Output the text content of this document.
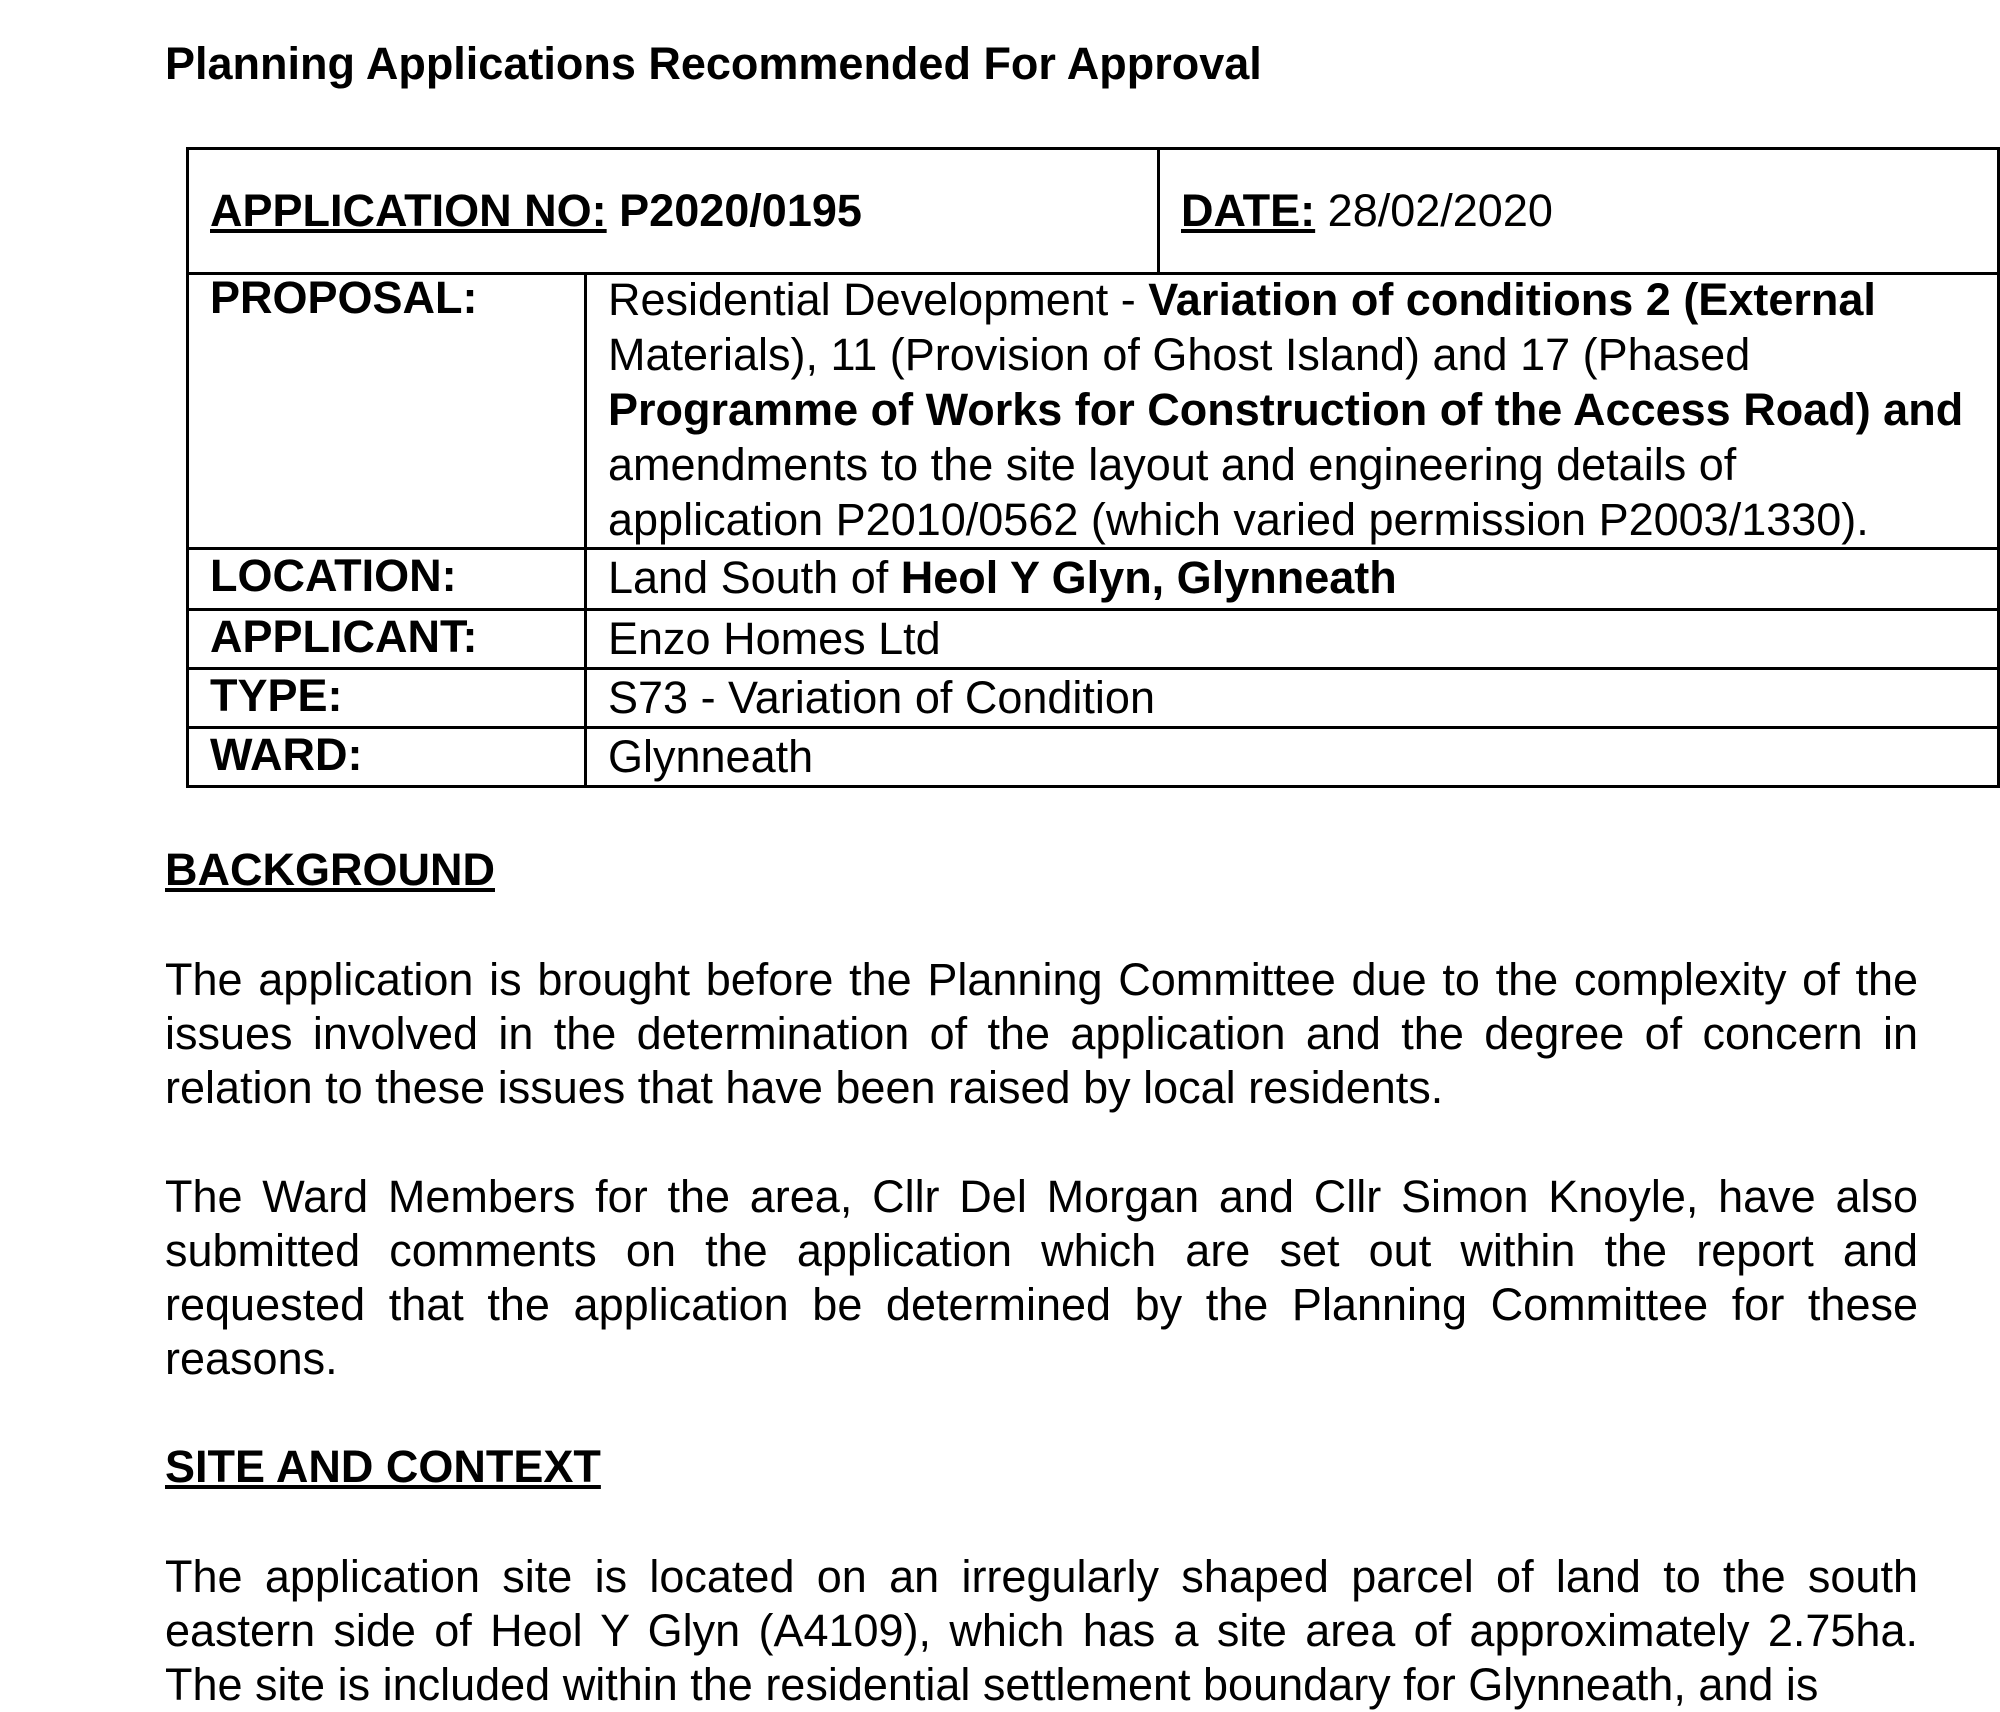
Planning Applications Recommended For Approval
APPLICATION NO: P2020/0195	DATE: 28/02/2020
PROPOSAL:	Residential Development - Variation of conditions 2 (External
Materials), 11 (Provision of Ghost Island) and 17 (Phased
Programme of Works for Construction of the Access Road) and
amendments to the site layout and engineering details of
application P2010/0562 (which varied permission P2003/1330).
LOCATION:	Land South of Heol Y Glyn, Glynneath
APPLICANT:	Enzo Homes Ltd
TYPE:	S73 - Variation of Condition
WARD:	Glynneath
BACKGROUND

The application is brought before the Planning Committee due to the complexity of the issues involved in the determination of the application and the degree of concern in relation to these issues that have been raised by local residents.

The Ward Members for the area, Cllr Del Morgan and Cllr Simon Knoyle, have also submitted comments on the application which are set out within the report and requested that the application be determined by the Planning Committee for these reasons.

SITE AND CONTEXT

The application site is located on an irregularly shaped parcel of land to the south eastern side of Heol Y Glyn (A4109), which has a site area of approximately 2.75ha. The site is included within the residential settlement boundary for Glynneath, and is
